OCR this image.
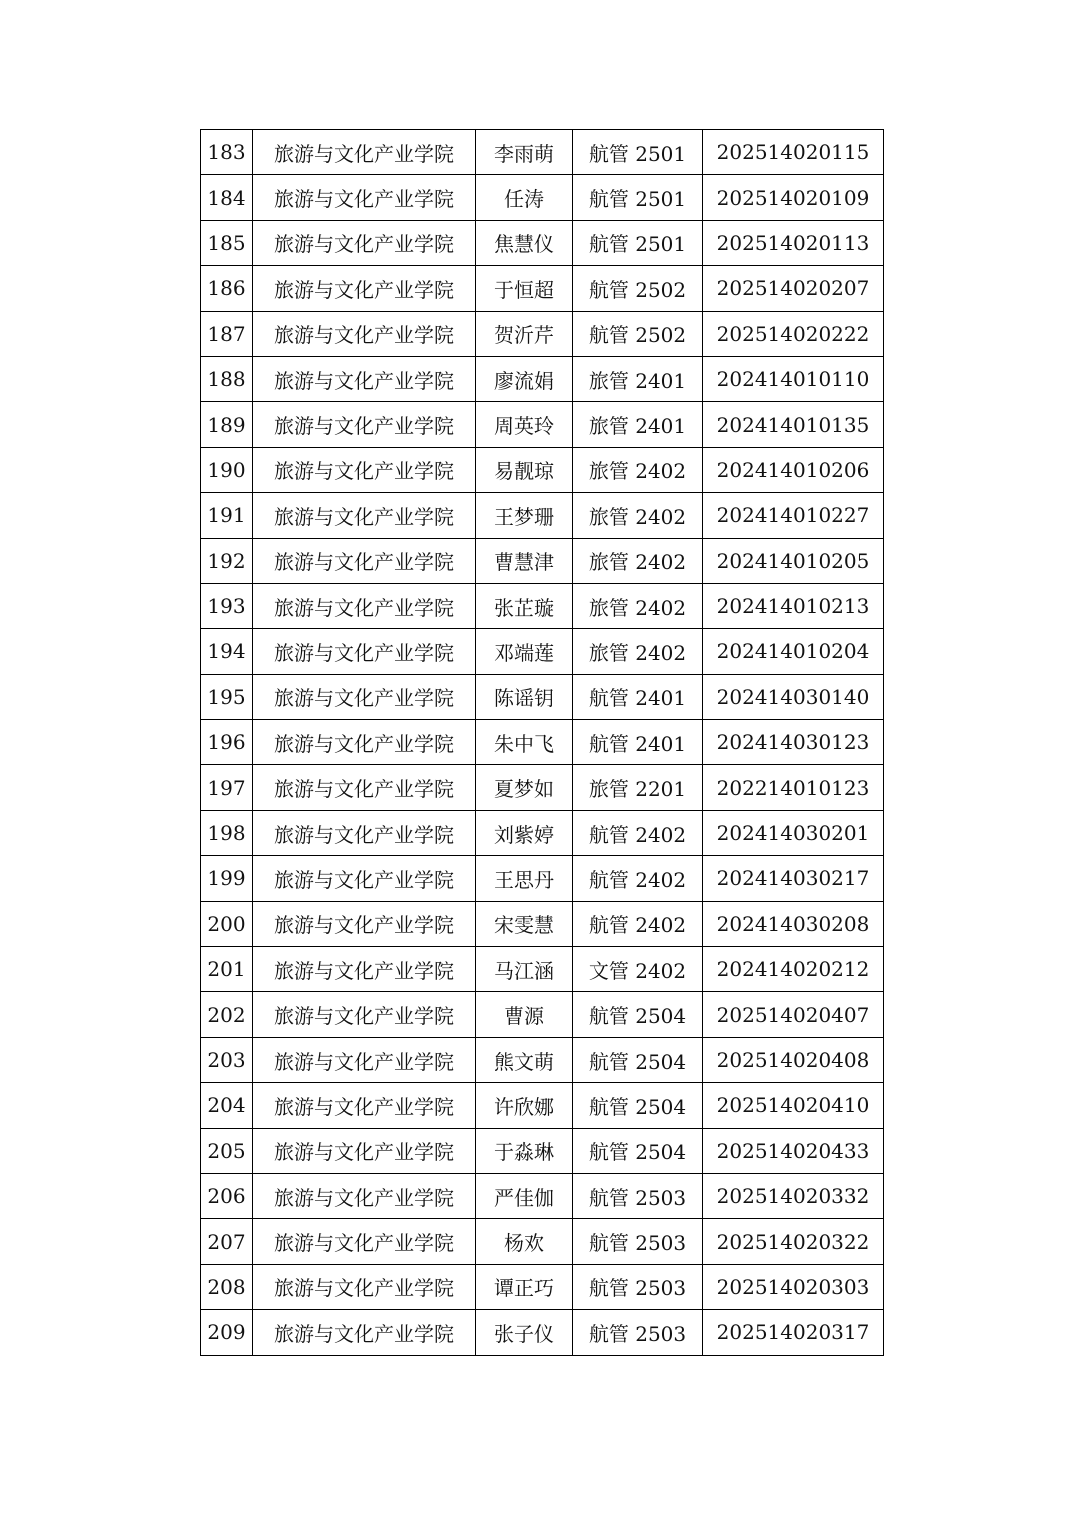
183	旅游与文化产业学院	李雨萌	航管 2501	202514020115
184	旅游与文化产业学院	任涛	航管 2501	202514020109
185	旅游与文化产业学院	焦慧仪	航管 2501	202514020113
186	旅游与文化产业学院	于恒超	航管 2502	202514020207
187	旅游与文化产业学院	贺沂芹	航管 2502	202514020222
188	旅游与文化产业学院	廖流娟	旅管 2401	202414010110
189	旅游与文化产业学院	周英玲	旅管 2401	202414010135
190	旅游与文化产业学院	易靓琼	旅管 2402	202414010206
191	旅游与文化产业学院	王梦珊	旅管 2402	202414010227
192	旅游与文化产业学院	曹慧津	旅管 2402	202414010205
193	旅游与文化产业学院	张芷璇	旅管 2402	202414010213
194	旅游与文化产业学院	邓端莲	旅管 2402	202414010204
195	旅游与文化产业学院	陈谣钥	航管 2401	202414030140
196	旅游与文化产业学院	朱中飞	航管 2401	202414030123
197	旅游与文化产业学院	夏梦如	旅管 2201	202214010123
198	旅游与文化产业学院	刘紫婷	航管 2402	202414030201
199	旅游与文化产业学院	王思丹	航管 2402	202414030217
200	旅游与文化产业学院	宋雯慧	航管 2402	202414030208
201	旅游与文化产业学院	马江涵	文管 2402	202414020212
202	旅游与文化产业学院	曹源	航管 2504	202514020407
203	旅游与文化产业学院	熊文萌	航管 2504	202514020408
204	旅游与文化产业学院	许欣娜	航管 2504	202514020410
205	旅游与文化产业学院	于淼琳	航管 2504	202514020433
206	旅游与文化产业学院	严佳伽	航管 2503	202514020332
207	旅游与文化产业学院	杨欢	航管 2503	202514020322
208	旅游与文化产业学院	谭正巧	航管 2503	202514020303
209	旅游与文化产业学院	张子仪	航管 2503	202514020317
